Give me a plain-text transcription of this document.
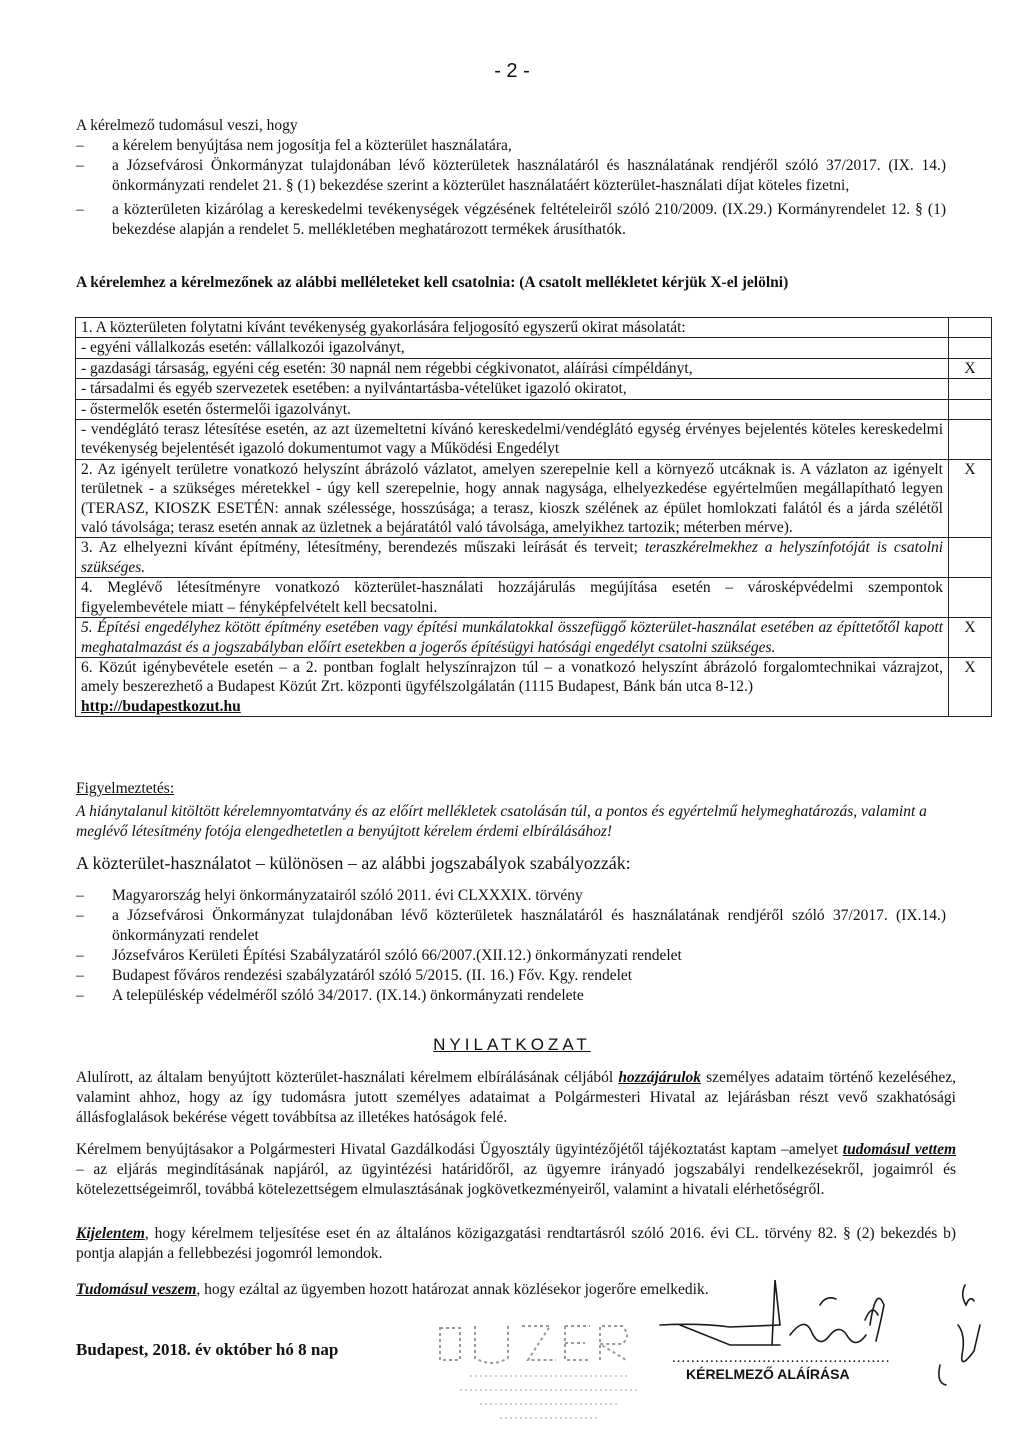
- 2 -

A kérelmező tudomásul veszi, hogy

– a kérelem benyújtása nem jogosítja fel a közterület használatára,
– a Józsefvárosi Önkormányzat tulajdonában lévő közterületek használatáról és használatának rendjéről szóló 37/2017. (IX. 14.) önkormányzati rendelet 21. § (1) bekezdése szerint a közterület használatáért közterület-használati díjat köteles fizetni,
– a közterületen kizárólag a kereskedelmi tevékenységek végzésének feltételeiről szóló 210/2009. (IX.29.) Kormányrendelet 12. § (1) bekezdése alapján a rendelet 5. mellékletében meghatározott termékek árusíthatók.
A kérelemhez a kérelmezőnek az alábbi melléleteket kell csatolnia: (A csatolt mellékletet kérjük X-el jelölni)
1. A közterületen folytatni kívánt tevékenység gyakorlására feljogosító egyszerű okirat másolatát:	
- egyéni vállalkozás esetén: vállalkozói igazolványt,	
- gazdasági társaság, egyéni cég esetén: 30 napnál nem régebbi cégkivonatot, aláírási címpéldányt,	X
- társadalmi és egyéb szervezetek esetében: a nyilvántartásba-vételüket igazoló okiratot,	
- őstermelők esetén őstermelői igazolványt.	
- vendéglátó terasz létesítése esetén, az azt üzemeltetni kívánó kereskedelmi/vendéglátó egység érvényes bejelentés köteles kereskedelmi tevékenység bejelentését igazoló dokumentumot vagy a Működési Engedélyt	
2. Az igényelt területre vonatkozó helyszínt ábrázoló vázlatot, amelyen szerepelnie kell a környező utcáknak is. A vázlaton az igényelt területnek - a szükséges méretekkel - úgy kell szerepelnie, hogy annak nagysága, elhelyezkedése egyértelműen megállapítható legyen (TERASZ, KIOSZK ESETÉN: annak szélessége, hosszúsága; a terasz, kioszk szélének az épület homlokzati falától és a járda szélétől való távolsága; terasz esetén annak az üzletnek a bejáratától való távolsága, amelyikhez tartozik; méterben mérve).	X
3. Az elhelyezni kívánt építmény, létesítmény, berendezés műszaki leírását és terveit; teraszkérelmekhez a helyszínfotóját is csatolni szükséges.	
4. Meglévő létesítményre vonatkozó közterület-használati hozzájárulás megújítása esetén – városképvédelmi szempontok figyelembevétele miatt – fényképfelvételt kell becsatolni.	
5. Építési engedélyhez kötött építmény esetében vagy építési munkálatokkal összefüggő közterület-használat esetében az építtetőtől kapott meghatalmazást és a jogszabályban előírt esetekben a jogerős építésügyi hatósági engedélyt csatolni szükséges.	X
6. Közút igénybevétele esetén – a 2. pontban foglalt helyszínrajzon túl – a vonatkozó helyszínt ábrázoló forgalomtechnikai vázrajzot, amely beszerezhető a Budapest Közút Zrt. központi ügyfélszolgálatán (1115 Budapest, Bánk bán utca 8-12.)
http://budapestkozut.hu	X
Figyelmeztetés:

A hiánytalanul kitöltött kérelemnyomtatvány és az előírt mellékletek csatolásán túl, a pontos és egyértelmű helymeghatározás, valamint a meglévő létesítmény fotója elengedhetetlen a benyújtott kérelem érdemi elbírálásához!

A közterület-használatot – különösen – az alábbi jogszabályok szabályozzák:
– Magyarország helyi önkormányzatairól szóló 2011. évi CLXXXIX. törvény
– a Józsefvárosi Önkormányzat tulajdonában lévő közterületek használatáról és használatának rendjéről szóló 37/2017. (IX.14.) önkormányzati rendelet
– Józsefváros Kerületi Építési Szabályzatáról szóló 66/2007.(XII.12.) önkormányzati rendelet
– Budapest főváros rendezési szabályzatáról szóló 5/2015. (II. 16.) Főv. Kgy. rendelet
– A településkép védelméről szóló 34/2017. (IX.14.) önkormányzati rendelete
NYILATKOZAT

Alulírott, az általam benyújtott közterület-használati kérelmem elbírálásának céljából hozzájárulok személyes adataim történő kezeléséhez, valamint ahhoz, hogy az így tudomásra jutott személyes adataimat a Polgármesteri Hivatal az lejárásban részt vevő szakhatósági állásfoglalások bekérése végett továbbítsa az illetékes hatóságok felé.

Kérelmem benyújtásakor a Polgármesteri Hivatal Gazdálkodási Ügyosztály ügyintézőjétől tájékoztatást kaptam –amelyet tudomásul vettem – az eljárás megindításának napjáról, az ügyintézési határidőről, az ügyemre irányadó jogszabályi rendelkezésekről, jogaimról és kötelezettségeimről, továbbá kötelezettségem elmulasztásának jogkövetkezményeiről, valamint a hivatali elérhetőségről.

Kijelentem, hogy kérelmem teljesítése eset én az általános közigazgatási rendtartásról szóló 2016. évi CL. törvény 82. § (2) bekezdés b) pontja alapján a fellebbezési jogomról lemondok.

Tudomásul veszem, hogy ezáltal az ügyemben hozott határozat annak közlésekor jogerőre emelkedik.

Budapest, 2018. év október hó 8 nap	..............................................
KÉRELMEZŐ ALÁÍRÁSA
